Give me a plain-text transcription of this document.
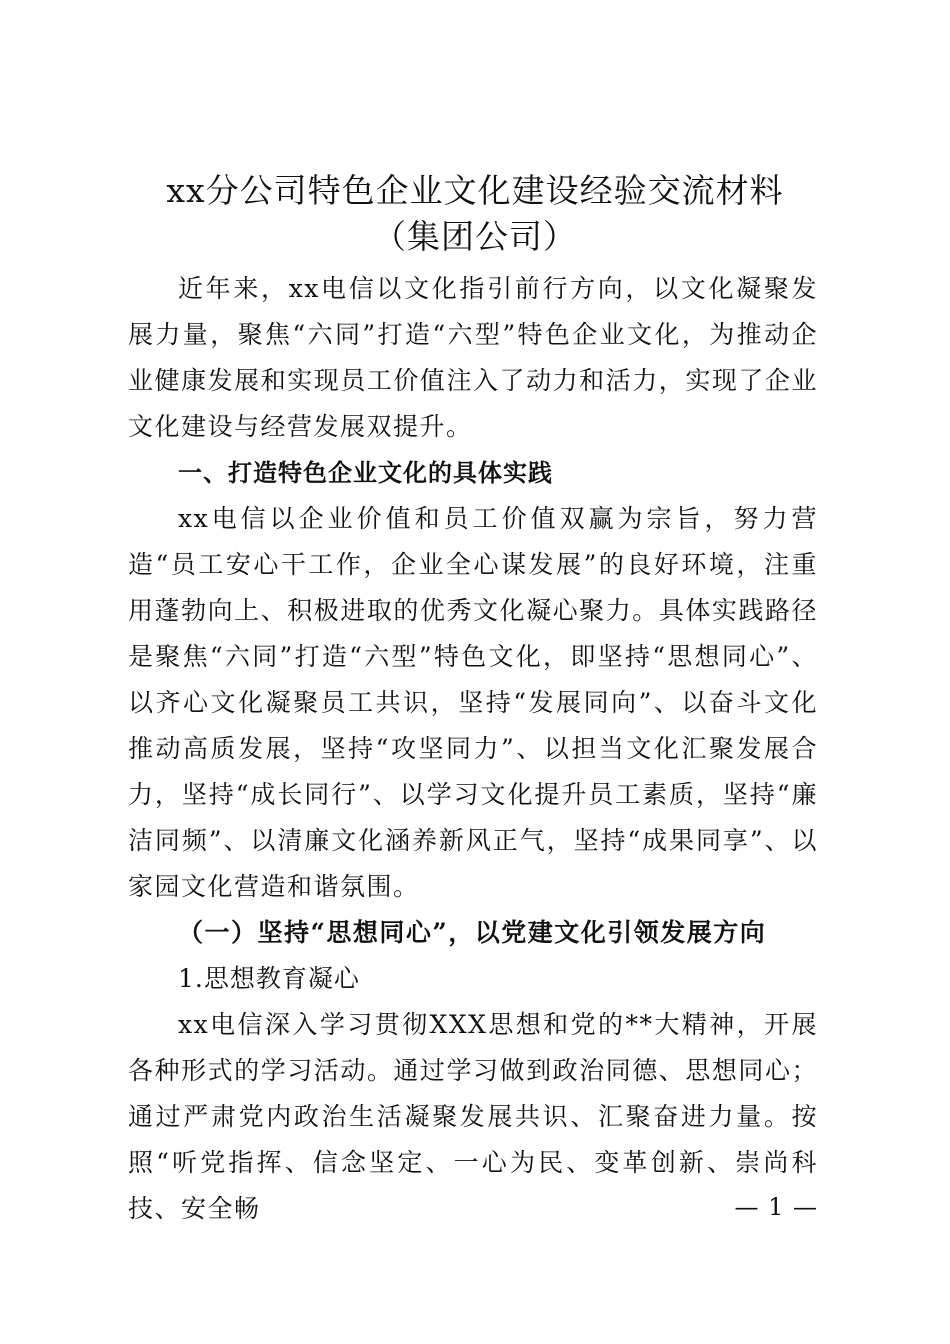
xx分公司特色企业文化建设经验交流材料
（集团公司）

近年来，xx电信以文化指引前行方向，以文化凝聚发展力量，聚焦“六同”打造“六型”特色企业文化，为推动企业健康发展和实现员工价值注入了动力和活力，实现了企业文化建设与经营发展双提升。

一、打造特色企业文化的具体实践

xx电信以企业价值和员工价值双赢为宗旨，努力营造“员工安心干工作，企业全心谋发展”的良好环境，注重用蓬勃向上、积极进取的优秀文化凝心聚力。具体实践路径是聚焦“六同”打造“六型”特色文化，即坚持“思想同心”、以齐心文化凝聚员工共识，坚持“发展同向”、以奋斗文化推动高质发展，坚持“攻坚同力”、以担当文化汇聚发展合力，坚持“成长同行”、以学习文化提升员工素质，坚持“廉洁同频”、以清廉文化涵养新风正气，坚持“成果同享”、以家园文化营造和谐氛围。

（一）坚持“思想同心”，以党建文化引领发展方向

1.思想教育凝心

xx电信深入学习贯彻XXX思想和党的**大精神，开展各种形式的学习活动。通过学习做到政治同德、思想同心；通过严肃党内政治生活凝聚发展共识、汇聚奋进力量。按照“听党指挥、信念坚定、一心为民、变革创新、崇尚科技、安全畅	— 1 —
